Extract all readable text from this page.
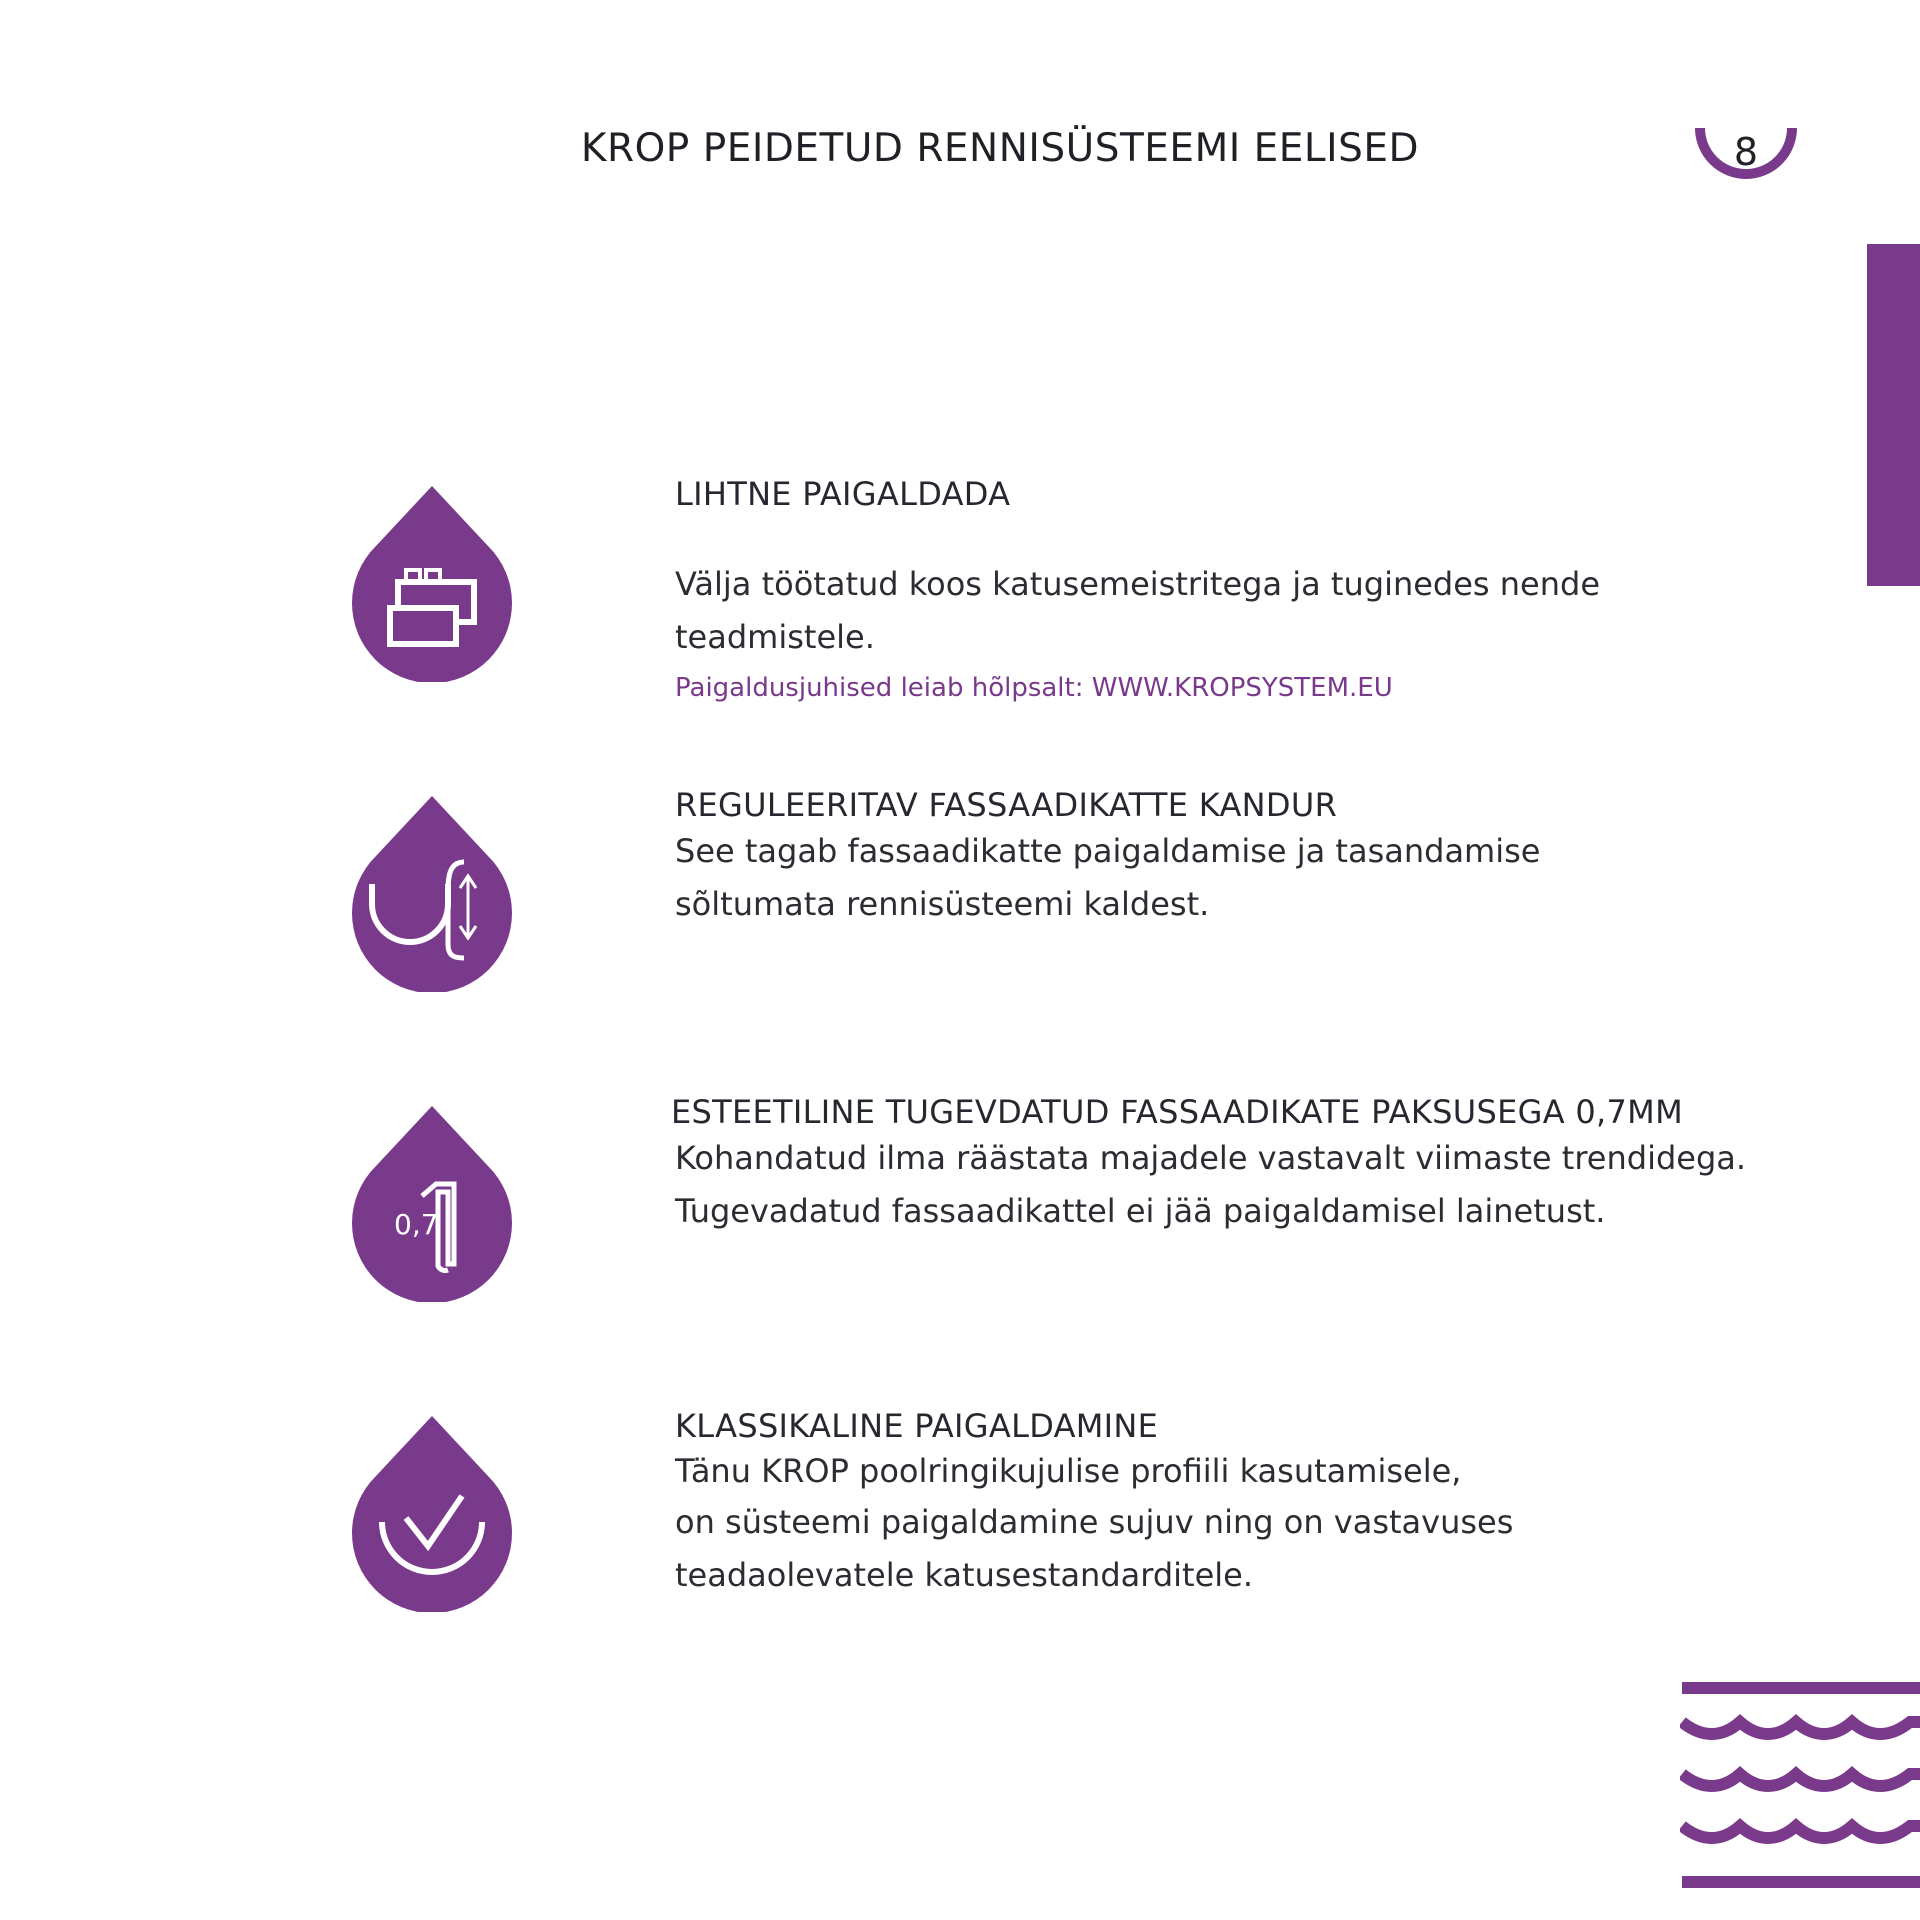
KROP PEIDETUD RENNISÜSTEEMI EELISED	8
LIHTNE PAIGALDADA

Välja töötatud koos katusemeistritega ja tuginedes nende

teadmistele.

Paigaldusjuhised leiab hõlpsalt: WWW.KROPSYSTEM.EU

REGULEERITAV FASSAADIKATTE KANDUR

See tagab fassaadikatte paigaldamise ja tasandamise

sõltumata rennisüsteemi kaldest.

0,7
ESTEETILINE TUGEVDATUD FASSAADIKATE PAKSUSEGA 0,7MM

Kohandatud ilma räästata majadele vastavalt viimaste trendidega.

Tugevadatud fassaadikattel ei jää paigaldamisel lainetust.

KLASSIKALINE PAIGALDAMINE

Tänu KROP poolringikujulise profiili kasutamisele,

on süsteemi paigaldamine sujuv ning on vastavuses

teadaolevatele katusestandarditele.
